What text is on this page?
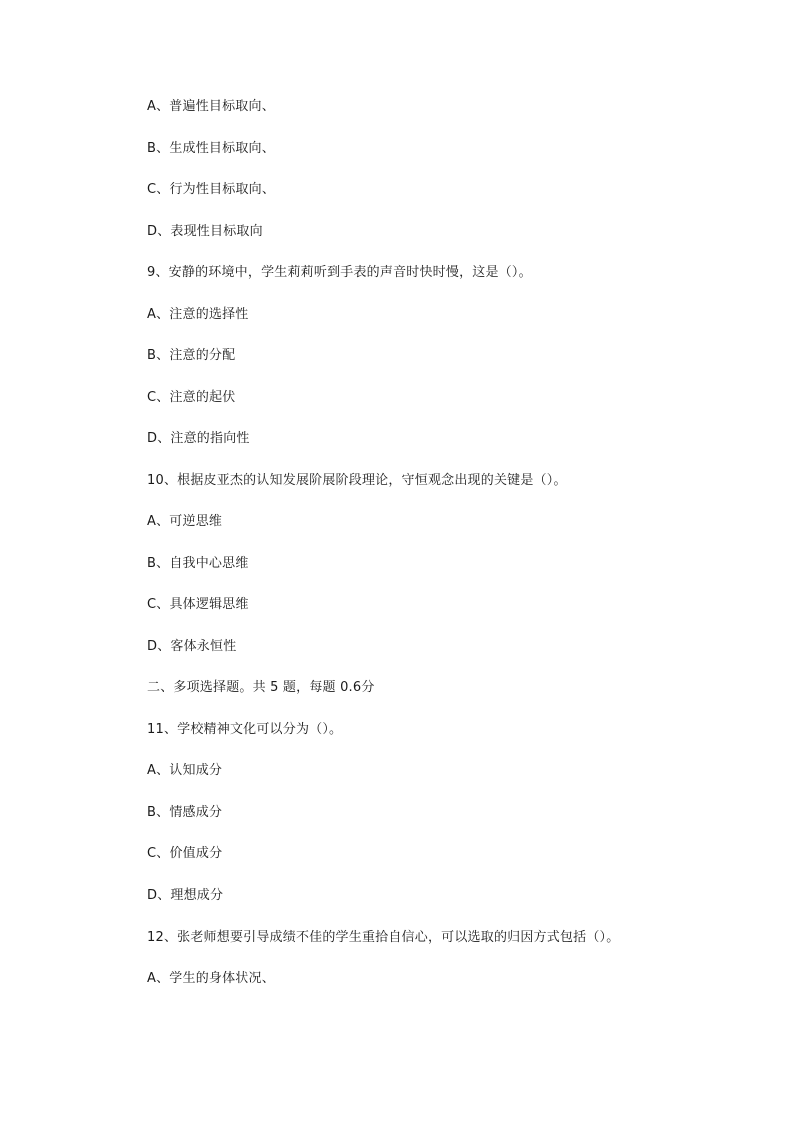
A、普遍性目标取向、
B、生成性目标取向、
C、行为性目标取向、
D、表现性目标取向
9、安静的环境中，学生莉莉听到手表的声音时快时慢，这是（）。
A、注意的选择性
B、注意的分配
C、注意的起伏
D、注意的指向性
10、根据皮亚杰的认知发展阶展阶段理论，守恒观念出现的关键是（）。
A、可逆思维
B、自我中心思维
C、具体逻辑思维
D、客体永恒性
二、多项选择题。共 5 题，每题 0.6分
11、学校精神文化可以分为（）。
A、认知成分
B、情感成分
C、价值成分
D、理想成分
12、张老师想要引导成绩不佳的学生重拾自信心，可以选取的归因方式包括（）。
A、学生的身体状况、
